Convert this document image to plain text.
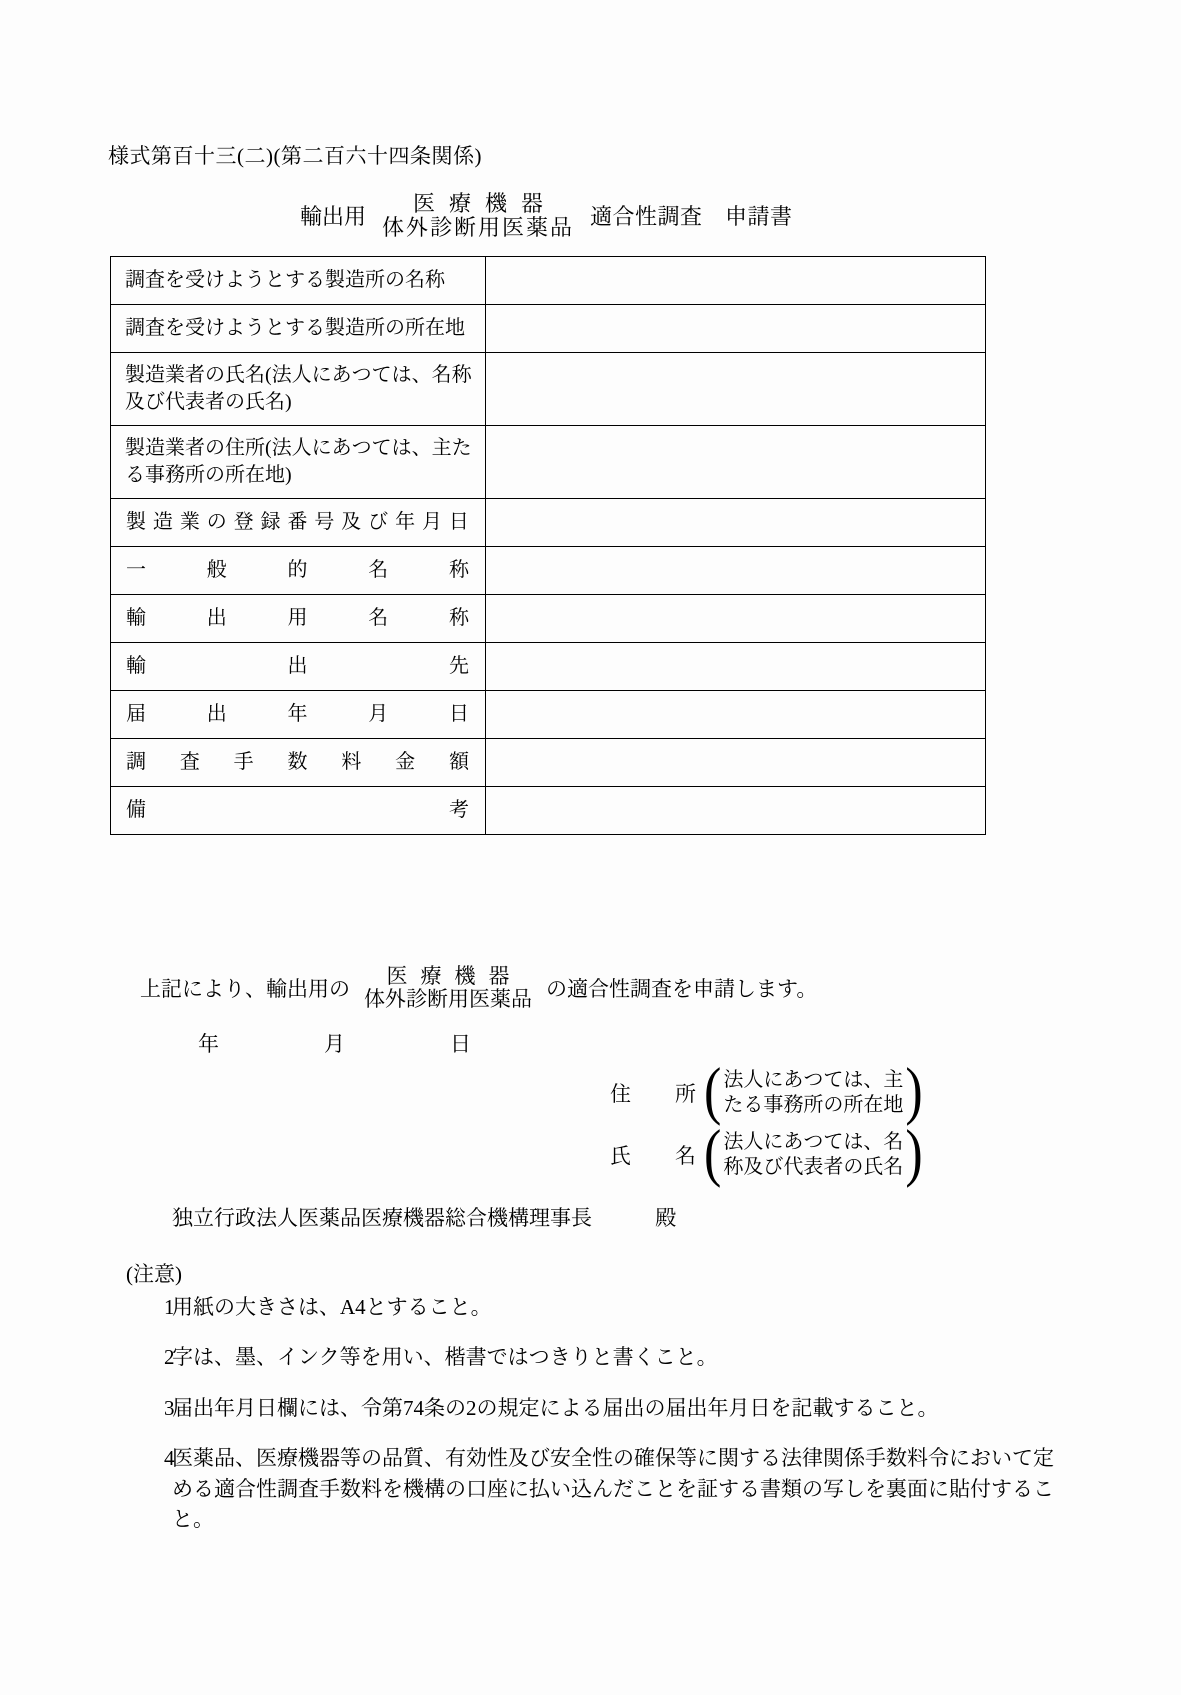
様式第百十三(二)(第二百六十四条関係)
輸出用
医療機器
体外診断用医薬品 適合性調査　申請書
調査を受けようとする製造所の名称	

調査を受けようとする製造所の所在地	

製造業者の氏名(法人にあつては、名称
及び代表者の氏名)	

製造業者の住所(法人にあつては、主た
る事務所の所在地)	

製 造 業 の 登 録 番 号 及 び 年 月 日

一 般 的 名 称	

輸 出 用 名 称	

輸 出 先	

届 出 年 月 日	

調 査 手 数 料 金 額

備 考	

上記により、輸出用の
医療機器
体外診断用医薬品 の適合性調査を申請します。
年　月　日
住 所 ( 法人にあつては、主
たる事務所の所在地 )
氏 名 ( 法人にあつては、名
称及び代表者の氏名 )
独立行政法人医薬品医療機器総合機構理事長	殿
(注意)
1
用紙の大きさは、A4とすること。
2
字は、墨、インク等を用い、楷書ではつきりと書くこと。
3
届出年月日欄には、令第74条の2の規定による届出の届出年月日を記載すること。
4
医薬品、医療機器等の品質、有効性及び安全性の確保等に関する法律関係手数料令において定める適合性調査手数料を機構の口座に払い込んだことを証する書類の写しを裏面に貼付すること。
